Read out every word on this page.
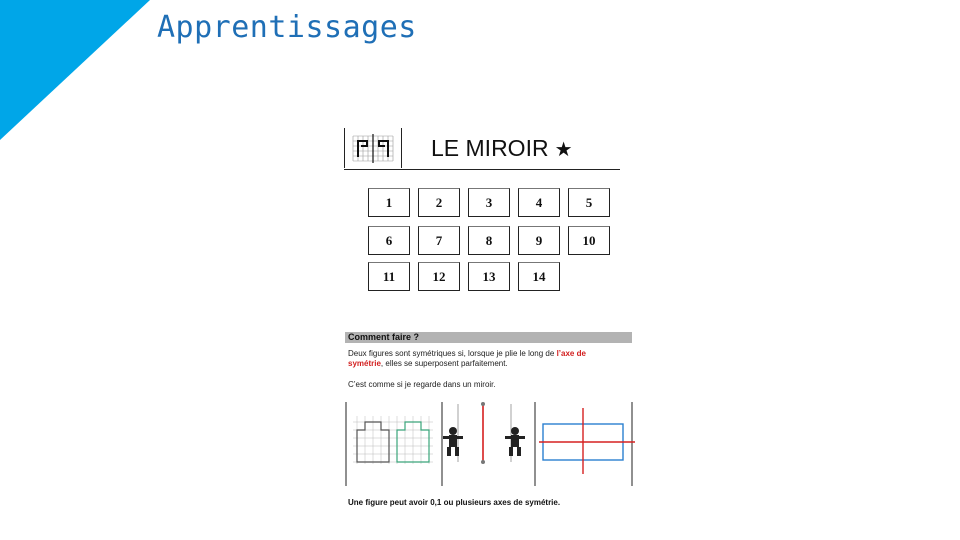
Apprentissages
LE MIROIR ★
1	2	3	4	5
6	7	8	9	10
11	12	13	14
Comment faire ?
Deux figures sont symétriques si, lorsque je plie le long de l’axe de symétrie, elles se superposent parfaitement.
C’est comme si je regarde dans un miroir.
Une figure peut avoir 0,1 ou plusieurs axes de symétrie.
